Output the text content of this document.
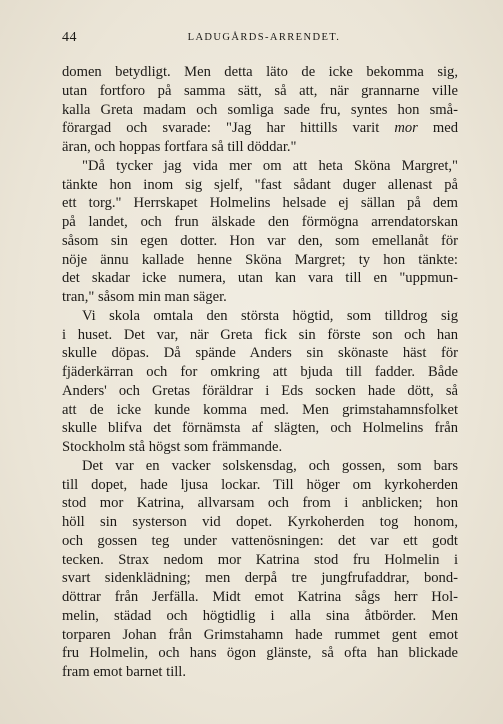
44	LADUGÅRDS-ARRENDET.
domen betydligt. Men detta läto de icke bekomma sig,
utan fortforo på samma sätt, så att, när grannarne ville
kalla Greta madam och somliga sade fru, syntes hon små-
förargad och svarade: "Jag har hittills varit mor med
äran, och hoppas fortfara så till döddar."
"Då tycker jag vida mer om att heta Sköna Margret,"
tänkte hon inom sig sjelf, "fast sådant duger allenast på
ett torg." Herrskapet Holmelins helsade ej sällan på dem
på landet, och frun älskade den förmögna arrendatorskan
såsom sin egen dotter. Hon var den, som emellanåt för
nöje ännu kallade henne Sköna Margret; ty hon tänkte:
det skadar icke numera, utan kan vara till en "uppmun-
tran," såsom min man säger.
Vi skola omtala den största högtid, som tilldrog sig
i huset. Det var, när Greta fick sin förste son och han
skulle döpas. Då spände Anders sin skönaste häst för
fjäderkärran och for omkring att bjuda till fadder. Både
Anders' och Gretas föräldrar i Eds socken hade dött, så
att de icke kunde komma med. Men grimstahamnsfolket
skulle blifva det förnämsta af slägten, och Holmelins från
Stockholm stå högst som främmande.
Det var en vacker solskensdag, och gossen, som bars
till dopet, hade ljusa lockar. Till höger om kyrkoherden
stod mor Katrina, allvarsam och from i anblicken; hon
höll sin systerson vid dopet. Kyrkoherden tog honom,
och gossen teg under vattenösningen: det var ett godt
tecken. Strax nedom mor Katrina stod fru Holmelin i
svart sidenklädning; men derpå tre jungfrufaddrar, bond-
döttrar från Jerfälla. Midt emot Katrina sågs herr Hol-
melin, städad och högtidlig i alla sina åtbörder. Men
torparen Johan från Grimstahamn hade rummet gent emot
fru Holmelin, och hans ögon glänste, så ofta han blickade
fram emot barnet till.
